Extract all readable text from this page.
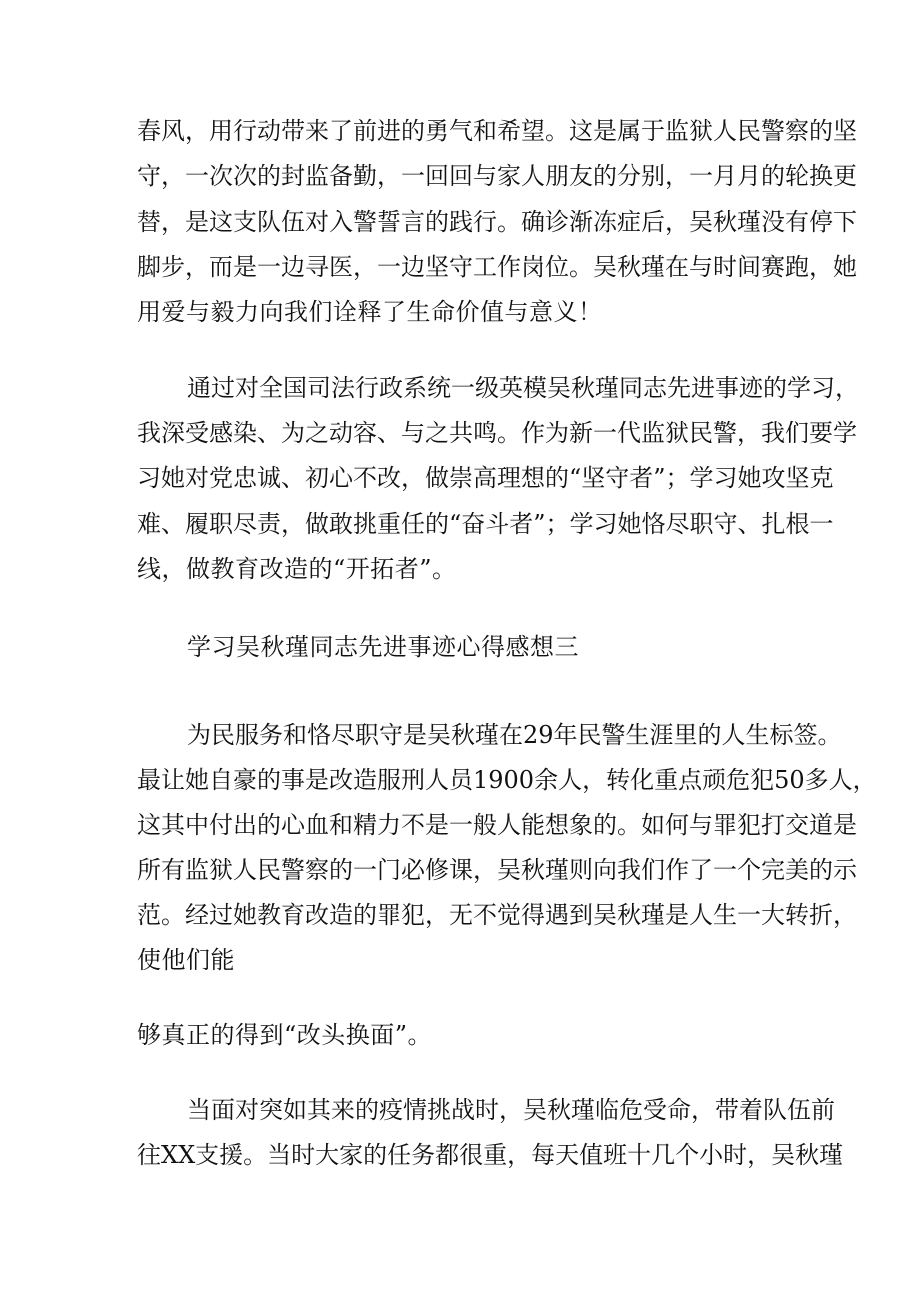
春风，用行动带来了前进的勇气和希望。这是属于监狱人民警察的坚

守，一次次的封监备勤，一回回与家人朋友的分别，一月月的轮换更

替，是这支队伍对入警誓言的践行。确诊渐冻症后，吴秋瑾没有停下

脚步，而是一边寻医，一边坚守工作岗位。吴秋瑾在与时间赛跑，她

用爱与毅力向我们诠释了生命价值与意义！

通过对全国司法行政系统一级英模吴秋瑾同志先进事迹的学习，

我深受感染、为之动容、与之共鸣。作为新一代监狱民警，我们要学

习她对党忠诚、初心不改，做崇高理想的“坚守者”；学习她攻坚克

难、履职尽责，做敢挑重任的“奋斗者”；学习她恪尽职守、扎根一

线，做教育改造的“开拓者”。

学习吴秋瑾同志先进事迹心得感想三

为民服务和恪尽职守是吴秋瑾在29年民警生涯里的人生标签。

最让她自豪的事是改造服刑人员1900余人，转化重点顽危犯50多人，

这其中付出的心血和精力不是一般人能想象的。如何与罪犯打交道是

所有监狱人民警察的一门必修课，吴秋瑾则向我们作了一个完美的示

范。经过她教育改造的罪犯，无不觉得遇到吴秋瑾是人生一大转折，

使他们能

够真正的得到“改头换面”。

当面对突如其来的疫情挑战时，吴秋瑾临危受命，带着队伍前

往XX支援。当时大家的任务都很重，每天值班十几个小时，吴秋瑾
